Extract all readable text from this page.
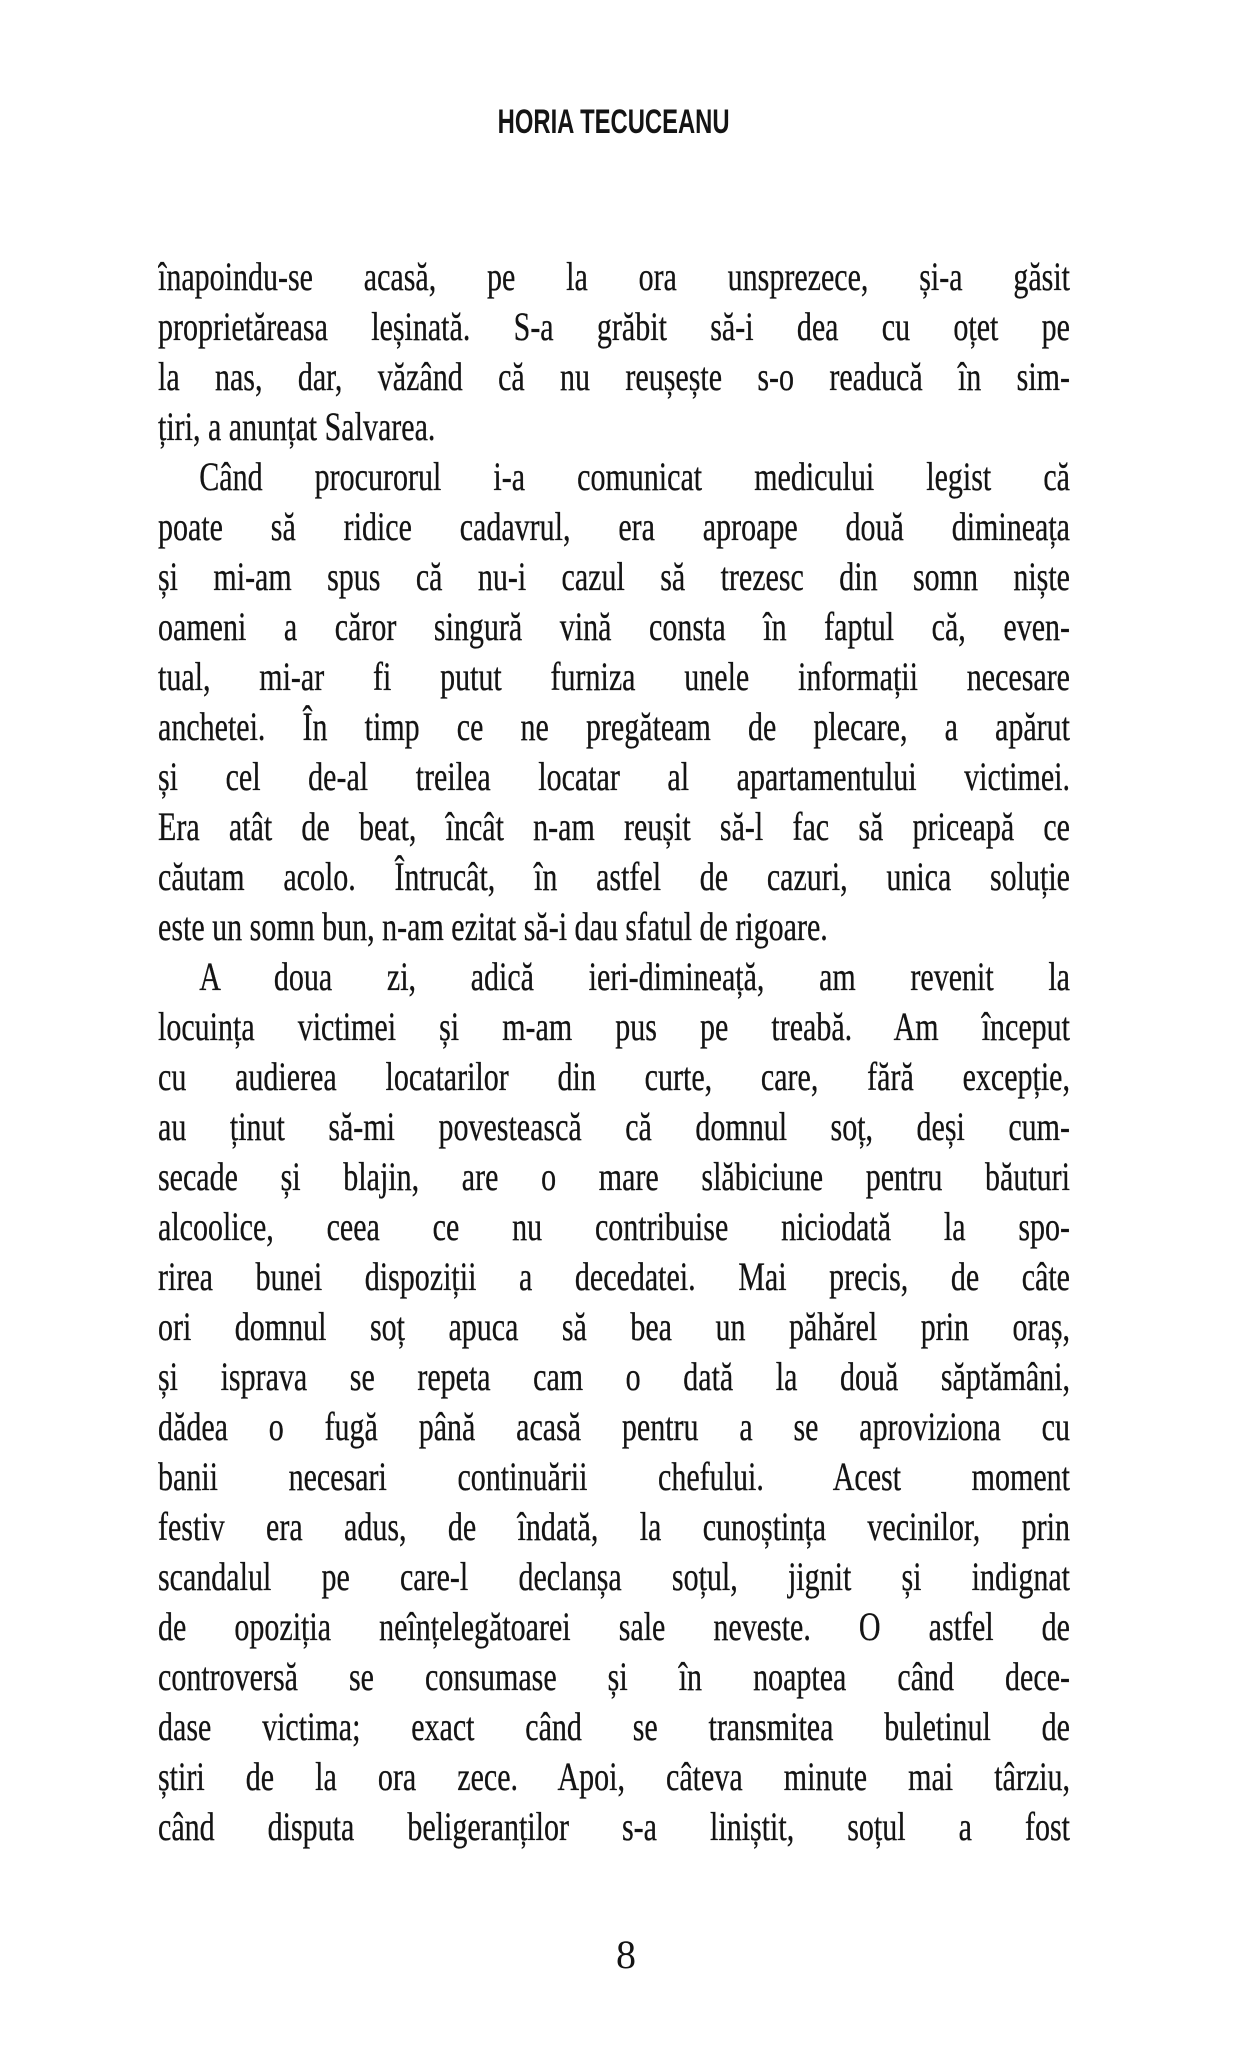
HORIA TECUCEANU
înapoindu-se acasă, pe la ora unsprezece, și-a găsit
proprietăreasa leșinată. S-a grăbit să-i dea cu oțet pe
la nas, dar, văzând că nu reușește s-o readucă în sim-
țiri, a anunțat Salvarea.
Când procurorul i-a comunicat medicului legist că
poate să ridice cadavrul, era aproape două dimineața
și mi-am spus că nu-i cazul să trezesc din somn niște
oameni a căror singură vină consta în faptul că, even-
tual, mi-ar fi putut furniza unele informații necesare
anchetei. În timp ce ne pregăteam de plecare, a apărut
și cel de-al treilea locatar al apartamentului victimei.
Era atât de beat, încât n-am reușit să-l fac să priceapă ce
căutam acolo. Întrucât, în astfel de cazuri, unica soluție
este un somn bun, n-am ezitat să-i dau sfatul de rigoare.
A doua zi, adică ieri-dimineață, am revenit la
locuința victimei și m-am pus pe treabă. Am început
cu audierea locatarilor din curte, care, fără excepție,
au ținut să-mi povestească că domnul soț, deși cum-
secade și blajin, are o mare slăbiciune pentru băuturi
alcoolice, ceea ce nu contribuise niciodată la spo-
rirea bunei dispoziții a decedatei. Mai precis, de câte
ori domnul soț apuca să bea un păhărel prin oraș,
și isprava se repeta cam o dată la două săptămâni,
dădea o fugă până acasă pentru a se aproviziona cu
banii necesari continuării chefului. Acest moment
festiv era adus, de îndată, la cunoștința vecinilor, prin
scandalul pe care-l declanșa soțul, jignit și indignat
de opoziția neînțelegătoarei sale neveste. O astfel de
controversă se consumase și în noaptea când dece-
dase victima; exact când se transmitea buletinul de
știri de la ora zece. Apoi, câteva minute mai târziu,
când disputa beligeranților s-a liniștit, soțul a fost
8
